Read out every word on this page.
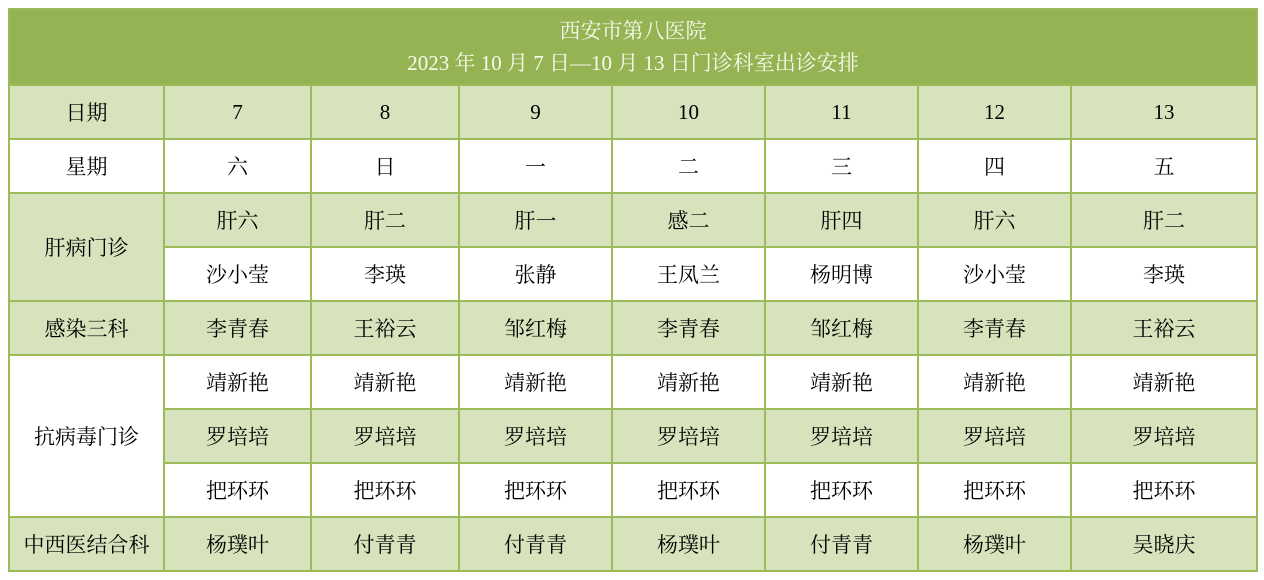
西安市第八医院
2023 年 10 月 7 日—10 月 13 日门诊科室出诊安排							

日期	7	8	9	10	11	12	13
星期	六	日	一	二	三	四	五
肝病门诊	肝六	肝二	肝一	感二	肝四	肝六	肝二
	沙小莹	李瑛	张静	王凤兰	杨明博	沙小莹	李瑛
感染三科	李青春	王裕云	邹红梅	李青春	邹红梅	李青春	王裕云
抗病毒门诊	靖新艳	靖新艳	靖新艳	靖新艳	靖新艳	靖新艳	靖新艳
	罗培培	罗培培	罗培培	罗培培	罗培培	罗培培	罗培培
	把环环	把环环	把环环	把环环	把环环	把环环	把环环
中西医结合科	杨璞叶	付青青	付青青	杨璞叶	付青青	杨璞叶	吴晓庆
